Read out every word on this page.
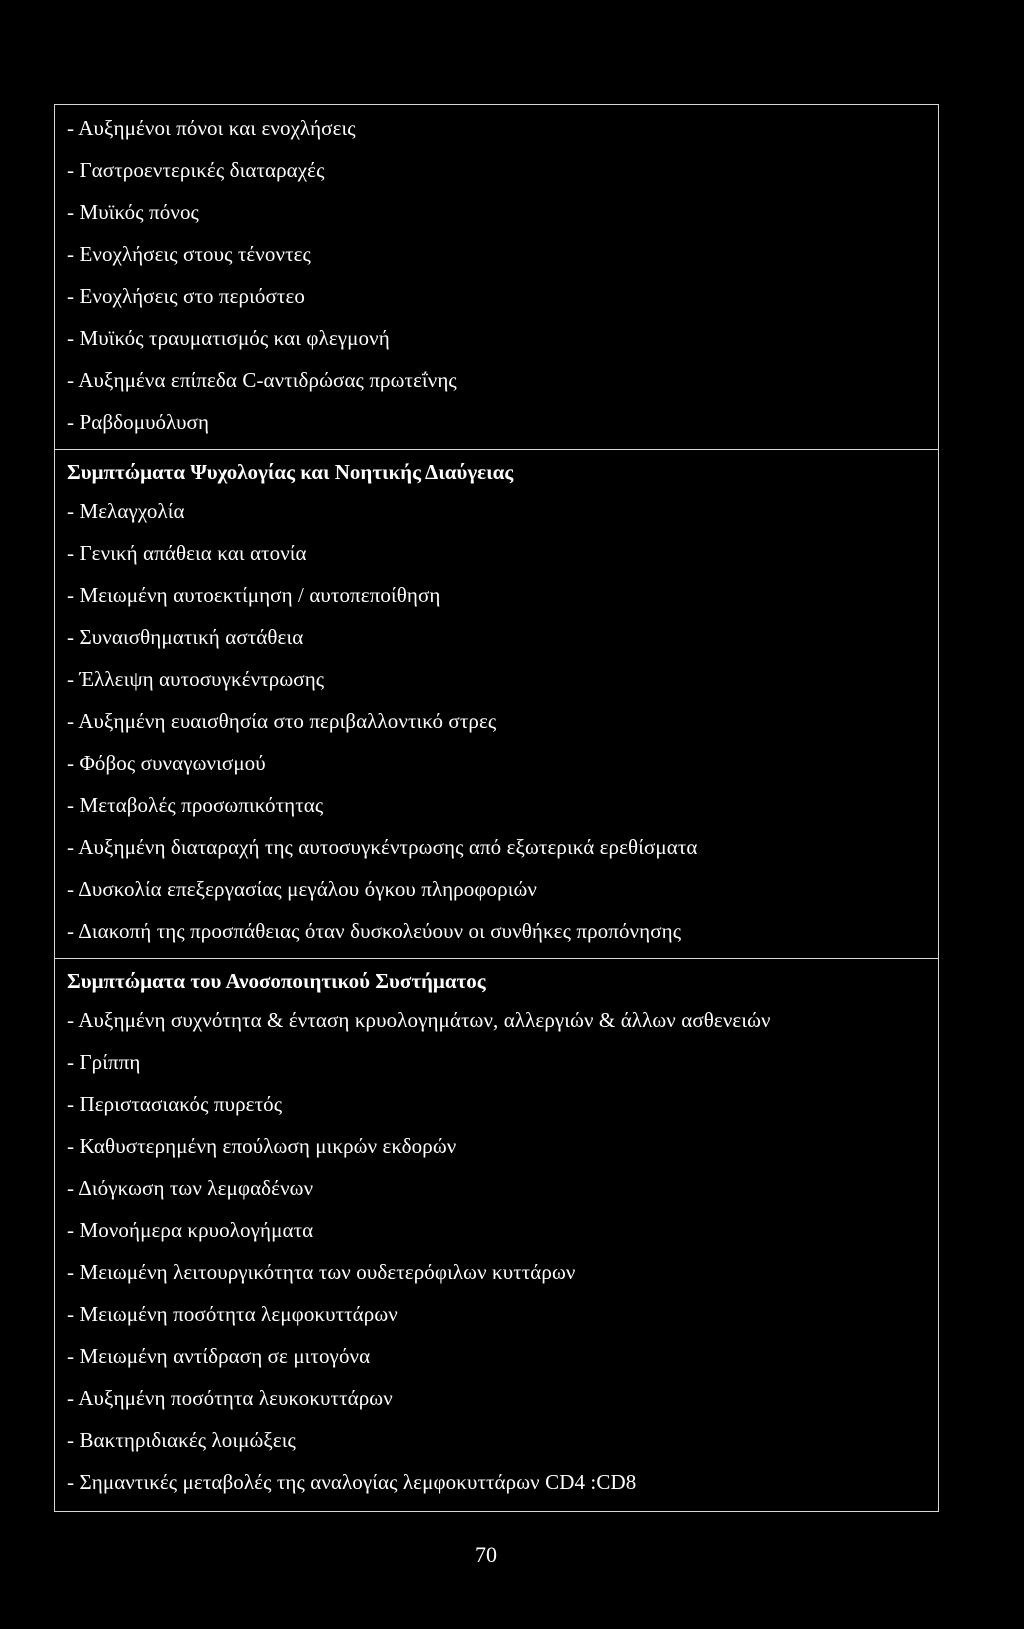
- Αυξημένοι πόνοι και ενοχλήσεις
- Γαστροεντερικές διαταραχές
- Μυϊκός πόνος
- Ενοχλήσεις στους τένοντες
- Ενοχλήσεις στο περιόστεο
- Μυϊκός τραυματισμός και φλεγμονή
- Αυξημένα επίπεδα C-αντιδρώσας πρωτεΐνης
- Ραβδομυόλυση
Συμπτώματα Ψυχολογίας και Νοητικής Διαύγειας
- Μελαγχολία
- Γενική απάθεια και ατονία
- Μειωμένη αυτοεκτίμηση / αυτοπεποίθηση
- Συναισθηματική αστάθεια
- Έλλειψη αυτοσυγκέντρωσης
- Αυξημένη ευαισθησία στο περιβαλλοντικό στρες
- Φόβος συναγωνισμού
- Μεταβολές προσωπικότητας
- Αυξημένη διαταραχή της αυτοσυγκέντρωσης από εξωτερικά ερεθίσματα
- Δυσκολία επεξεργασίας μεγάλου όγκου πληροφοριών
- Διακοπή της προσπάθειας όταν δυσκολεύουν οι συνθήκες προπόνησης
Συμπτώματα του Ανοσοποιητικού Συστήματος
- Αυξημένη συχνότητα & ένταση κρυολογημάτων, αλλεργιών & άλλων ασθενειών
- Γρίππη
- Περιστασιακός πυρετός
- Καθυστερημένη επούλωση μικρών εκδορών
- Διόγκωση των λεμφαδένων
- Μονοήμερα κρυολογήματα
- Μειωμένη λειτουργικότητα των ουδετερόφιλων κυττάρων
- Μειωμένη ποσότητα λεμφοκυττάρων
- Μειωμένη αντίδραση σε μιτογόνα
- Αυξημένη ποσότητα λευκοκυττάρων
- Βακτηριδιακές λοιμώξεις
- Σημαντικές μεταβολές της αναλογίας λεμφοκυττάρων CD4 :CD8
70
